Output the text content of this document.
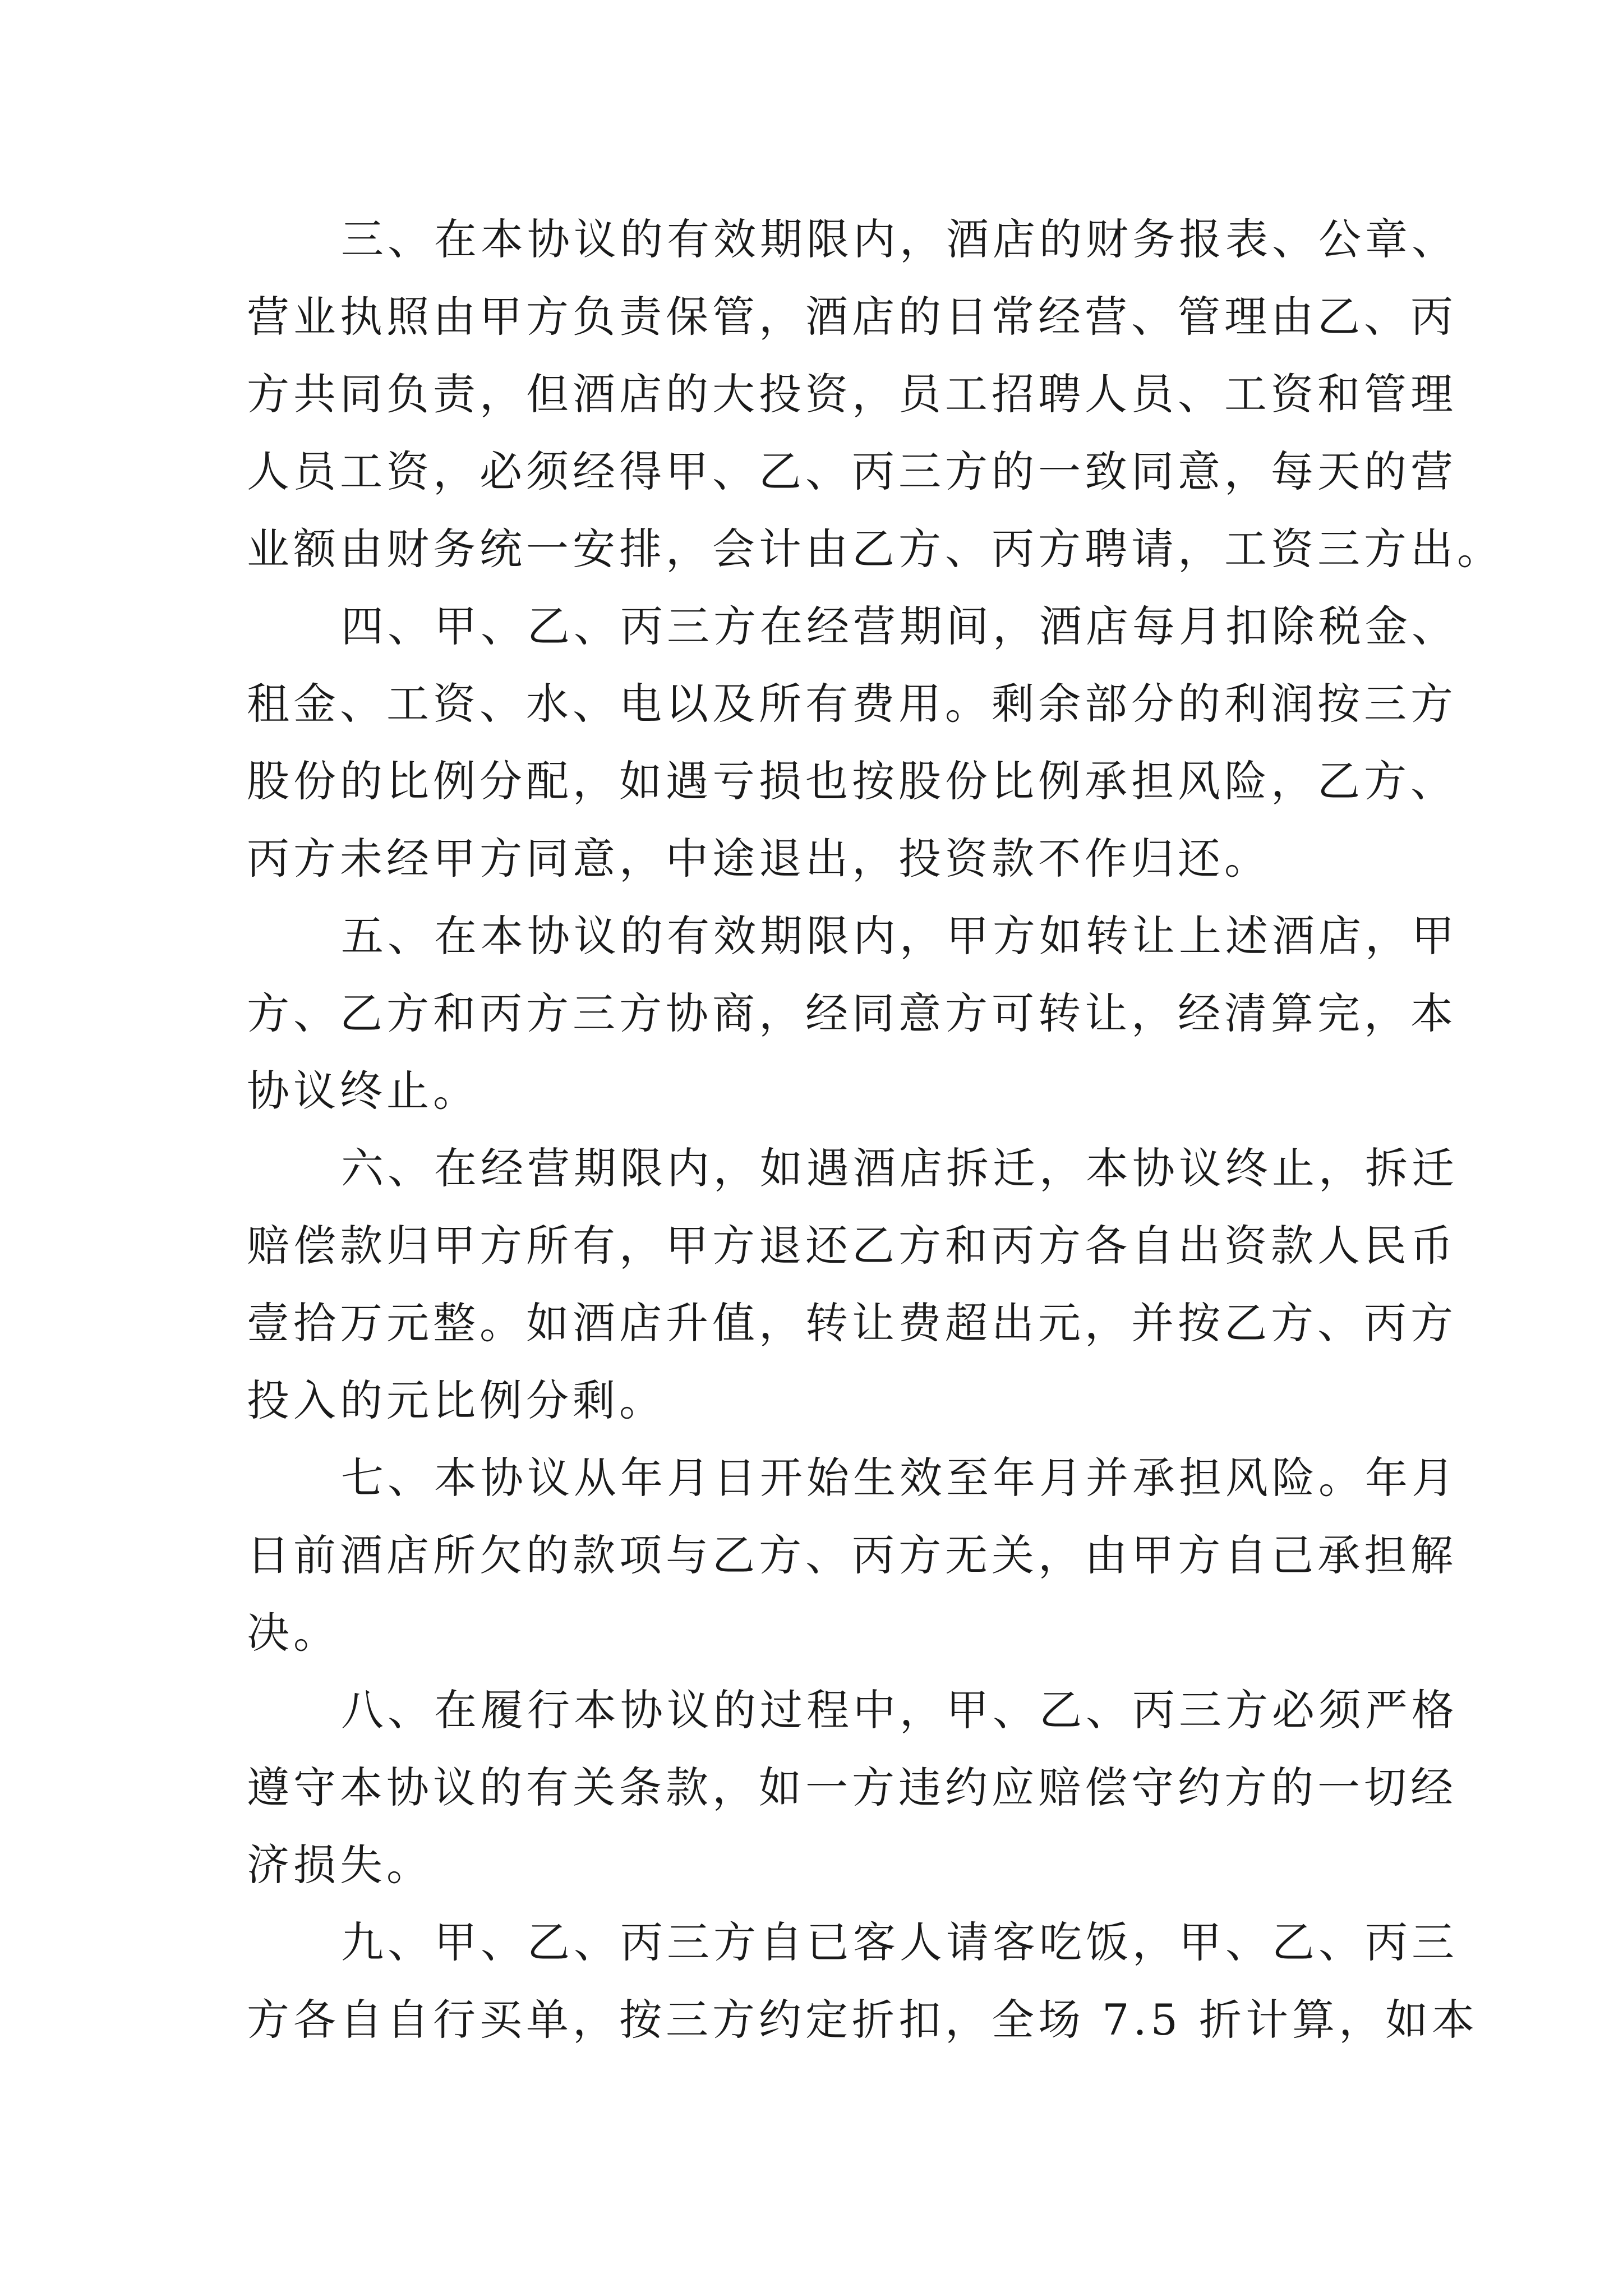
三、在本协议的有效期限内，酒店的财务报表、公章、
营业执照由甲方负责保管，酒店的日常经营、管理由乙、丙
方共同负责，但酒店的大投资，员工招聘人员、工资和管理
人员工资，必须经得甲、乙、丙三方的一致同意，每天的营
业额由财务统一安排，会计由乙方、丙方聘请，工资三方出。
四、甲、乙、丙三方在经营期间，酒店每月扣除税金、
租金、工资、水、电以及所有费用。剩余部分的利润按三方
股份的比例分配，如遇亏损也按股份比例承担风险，乙方、
丙方未经甲方同意，中途退出，投资款不作归还。
五、在本协议的有效期限内，甲方如转让上述酒店，甲
方、乙方和丙方三方协商，经同意方可转让，经清算完，本
协议终止。
六、在经营期限内，如遇酒店拆迁，本协议终止，拆迁
赔偿款归甲方所有，甲方退还乙方和丙方各自出资款人民币
壹拾万元整。如酒店升值，转让费超出元，并按乙方、丙方
投入的元比例分剩。
七、本协议从年月日开始生效至年月并承担风险。年月
日前酒店所欠的款项与乙方、丙方无关，由甲方自己承担解
决。
八、在履行本协议的过程中，甲、乙、丙三方必须严格
遵守本协议的有关条款，如一方违约应赔偿守约方的一切经
济损失。
九、甲、乙、丙三方自已客人请客吃饭，甲、乙、丙三
方各自自行买单，按三方约定折扣，全场 7.5 折计算，如本
